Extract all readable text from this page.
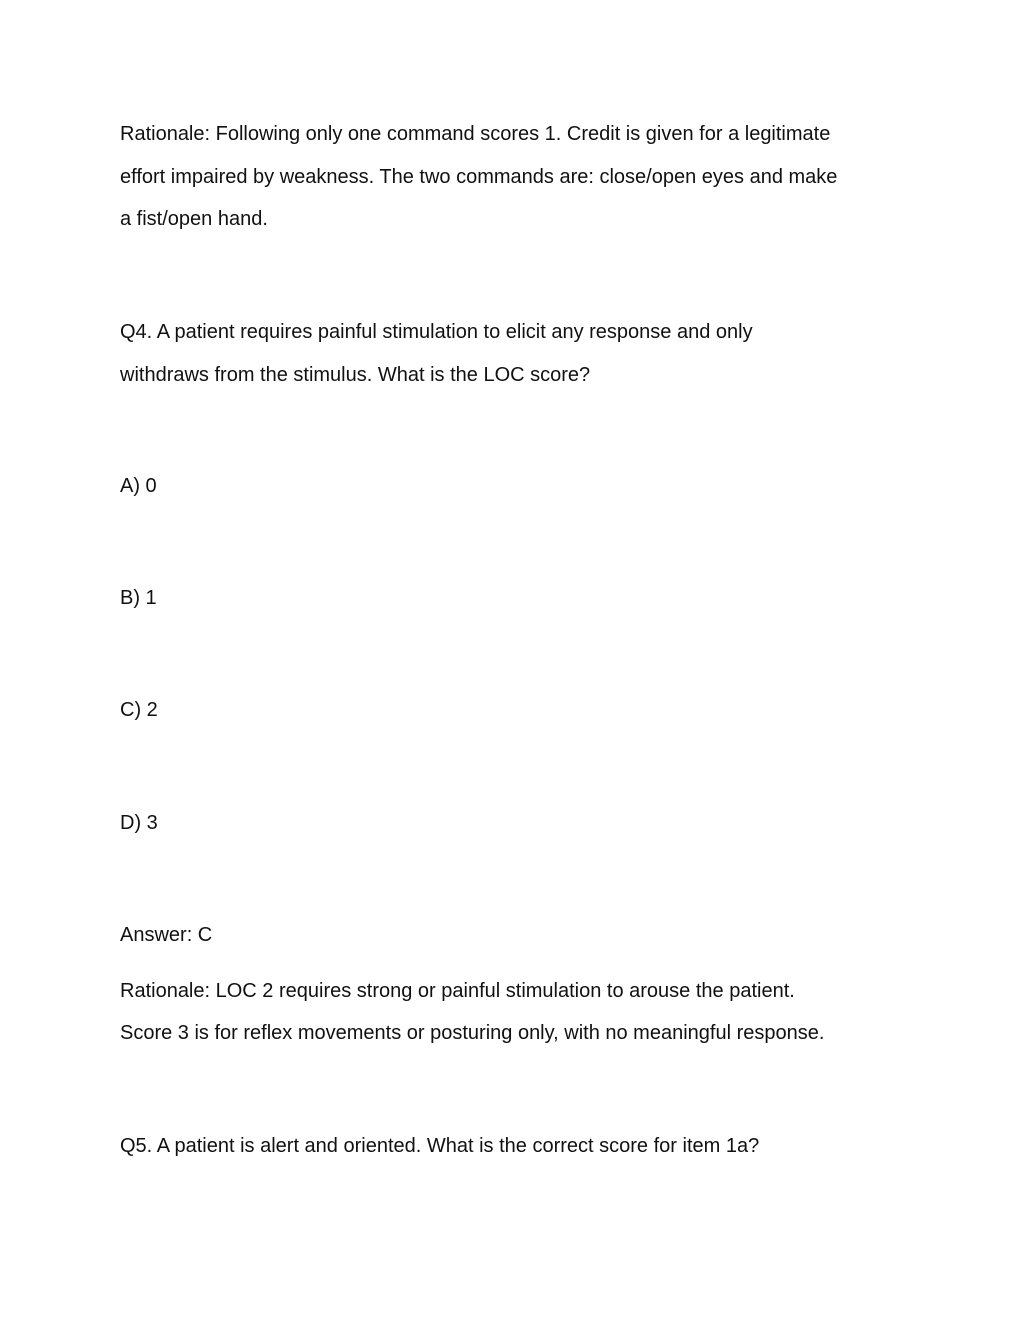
Rationale: Following only one command scores 1. Credit is given for a legitimate
effort impaired by weakness. The two commands are: close/open eyes and make
a fist/open hand.
Q4. A patient requires painful stimulation to elicit any response and only
withdraws from the stimulus. What is the LOC score?
A) 0
B) 1
C) 2
D) 3
Answer: C
Rationale: LOC 2 requires strong or painful stimulation to arouse the patient.
Score 3 is for reflex movements or posturing only, with no meaningful response.
Q5. A patient is alert and oriented. What is the correct score for item 1a?
